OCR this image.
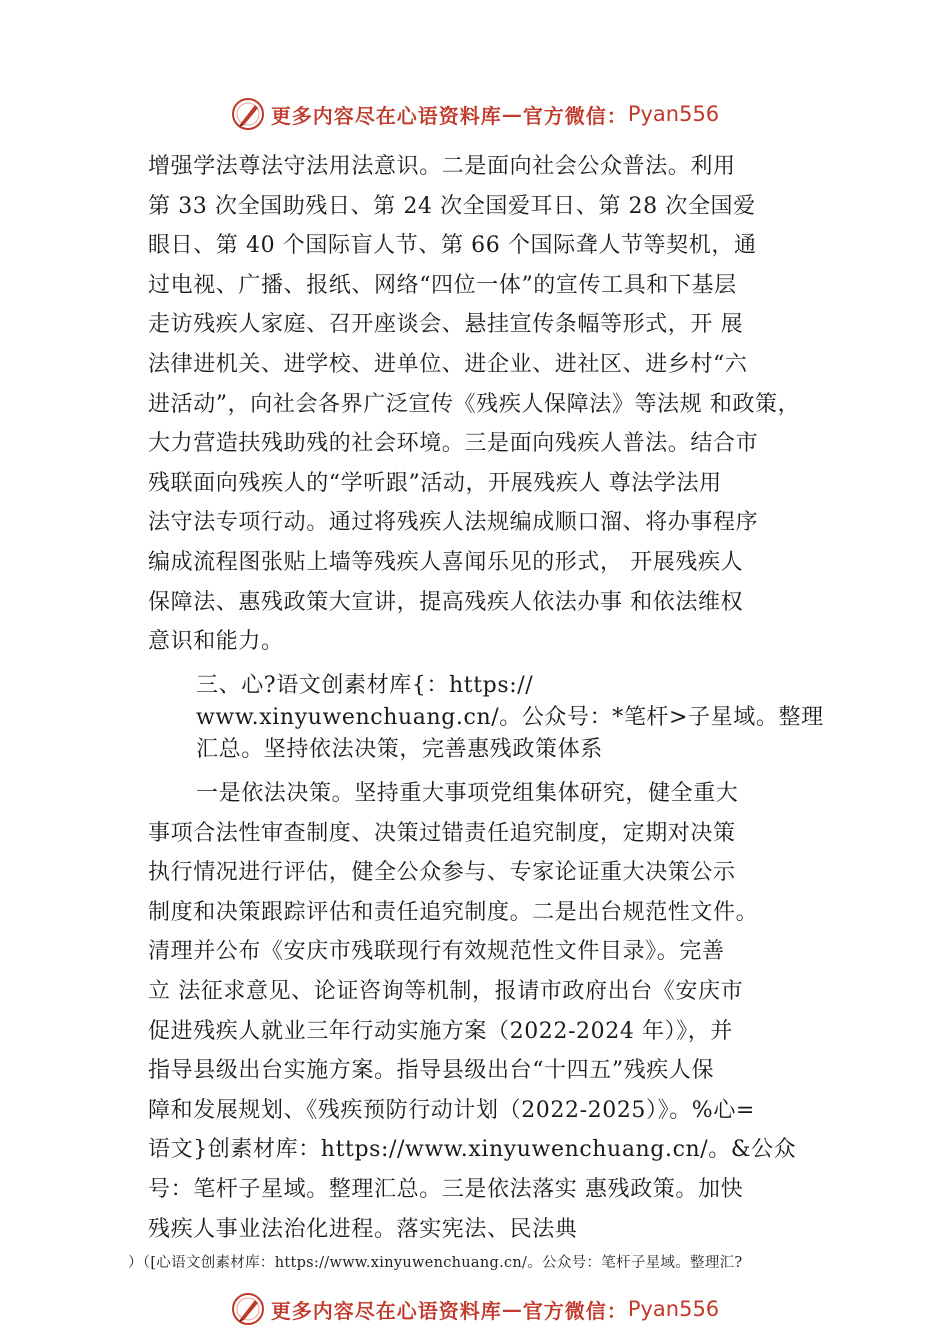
更多内容尽在心语资料库 — 官方微信： Pyan556
增强学法尊法守法用法意识。二是面向社会公众普法。利用
第 33 次全国助残日、第 24 次全国爱耳日、第 28 次全国爱
眼日、第 40 个国际盲人节、第 66 个国际聋人节等契机，通
过电视、广播、报纸、网络“四位一体”的宣传工具和下基层
走访残疾人家庭、召开座谈会、悬挂宣传条幅等形式，开 展
法律进机关、进学校、进单位、进企业、进社区、进乡村“六
进活动”，向社会各界广泛宣传《残疾人保障法》等法规 和政策，
大力营造扶残助残的社会环境。三是面向残疾人普法。结合市
残联面向残疾人的“学听跟”活动，开展残疾人 尊法学法用
法守法专项行动。通过将残疾人法规编成顺口溜、将办事程序
编成流程图张贴上墙等残疾人喜闻乐见的形式， 开展残疾人
保障法、惠残政策大宣讲，提高残疾人依法办事 和依法维权
意识和能力。
三、心?语文创素材库{：https://
www.xinyuwenchuang.cn/。公众号：*笔杆>子星域。整理
汇总。坚持依法决策，完善惠残政策体系
一是依法决策。坚持重大事项党组集体研究，健全重大
事项合法性审查制度、决策过错责任追究制度，定期对决策
执行情况进行评估，健全公众参与、专家论证重大决策公示
制度和决策跟踪评估和责任追究制度。二是出台规范性文件。
清理并公布《安庆市残联现行有效规范性文件目录》。完善
立 法征求意见、论证咨询等机制，报请市政府出台《安庆市
促进残疾人就业三年行动实施方案（2022-2024 年）》，并
指导县级出台实施方案。指导县级出台“十四五”残疾人保
障和发展规划、《残疾预防行动计划（2022-2025）》。%心=
语文}创素材库：https://www.xinyuwenchuang.cn/。&公众
号：笔杆子星域。整理汇总。三是依法落实 惠残政策。加快
残疾人事业法治化进程。落实宪法、民法典
）（[心语文创素材库：https://www.xinyuwenchuang.cn/。公众号：笔杆子星域。整理汇?
更多内容尽在心语资料库 — 官方微信： Pyan556
